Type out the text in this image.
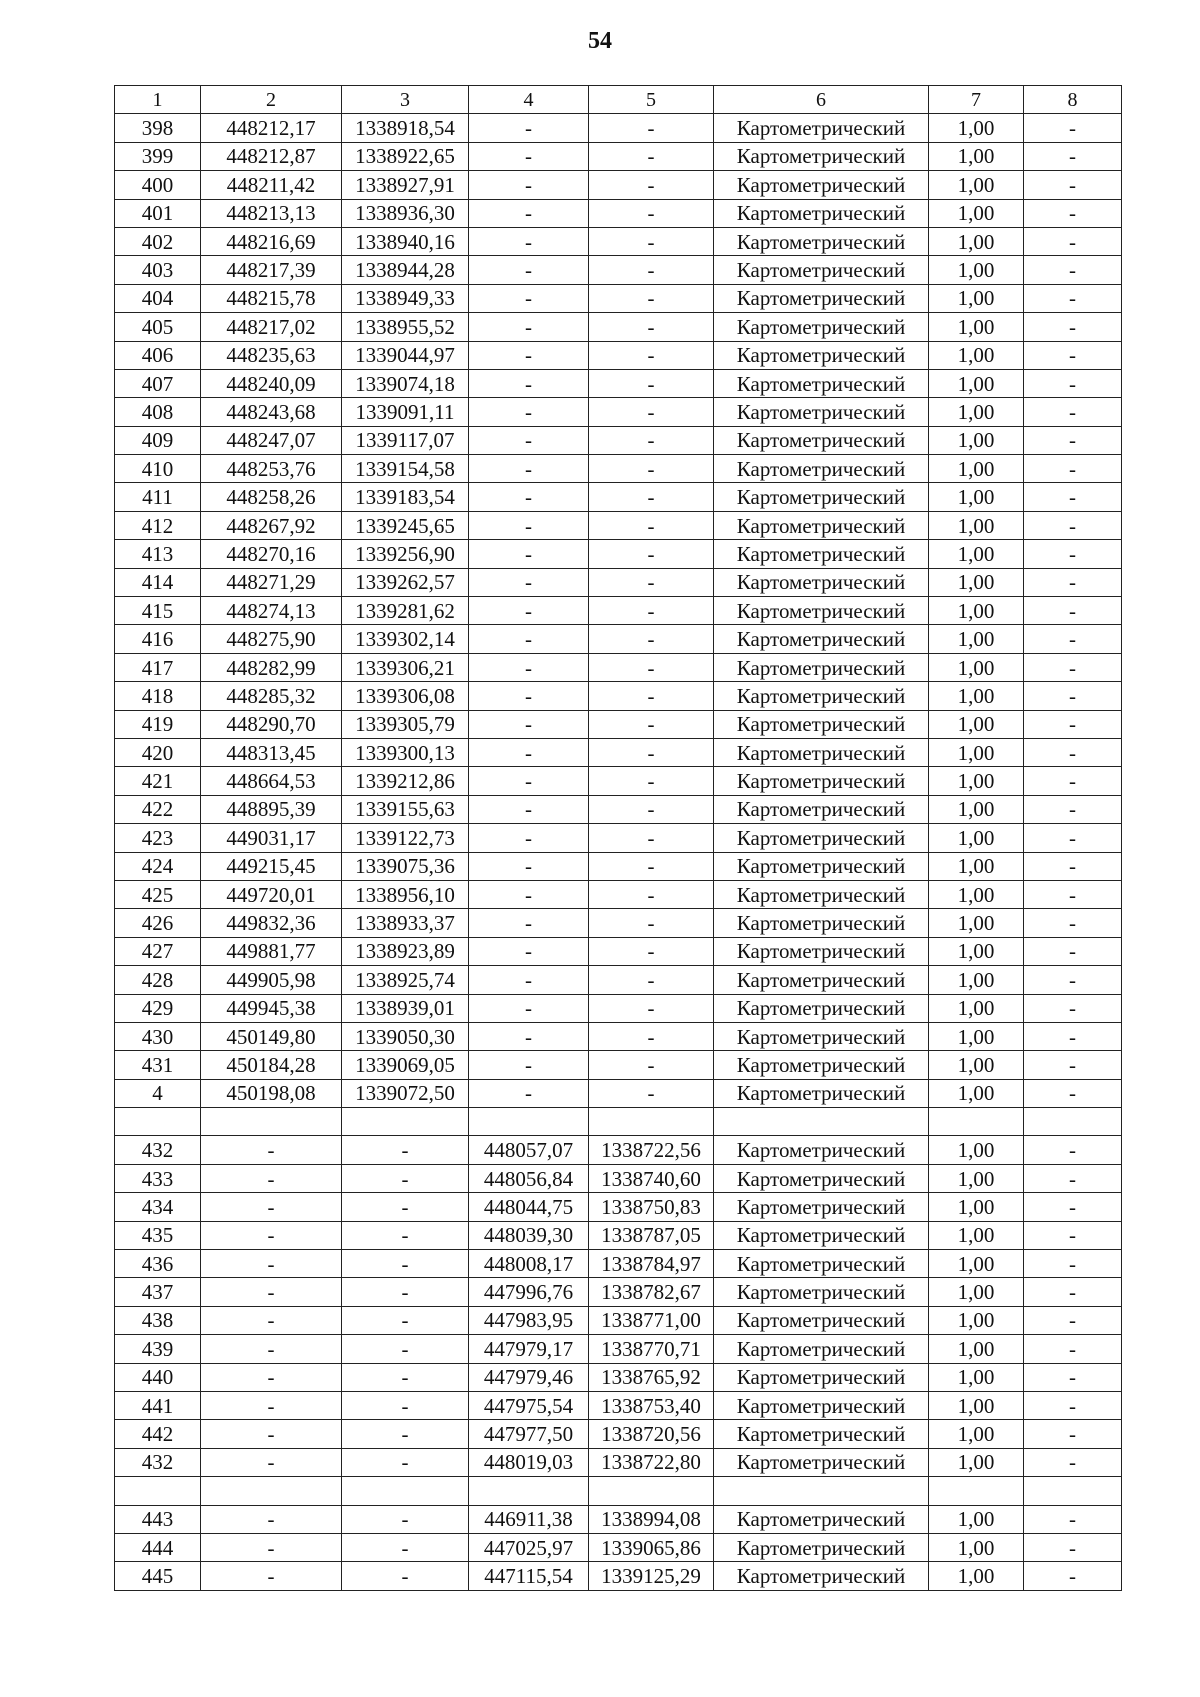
54
1	2	3	4	5	6	7	8
398	448212,17	1338918,54	-	-	Картометрический	1,00	-
399	448212,87	1338922,65	-	-	Картометрический	1,00	-
400	448211,42	1338927,91	-	-	Картометрический	1,00	-
401	448213,13	1338936,30	-	-	Картометрический	1,00	-
402	448216,69	1338940,16	-	-	Картометрический	1,00	-
403	448217,39	1338944,28	-	-	Картометрический	1,00	-
404	448215,78	1338949,33	-	-	Картометрический	1,00	-
405	448217,02	1338955,52	-	-	Картометрический	1,00	-
406	448235,63	1339044,97	-	-	Картометрический	1,00	-
407	448240,09	1339074,18	-	-	Картометрический	1,00	-
408	448243,68	1339091,11	-	-	Картометрический	1,00	-
409	448247,07	1339117,07	-	-	Картометрический	1,00	-
410	448253,76	1339154,58	-	-	Картометрический	1,00	-
411	448258,26	1339183,54	-	-	Картометрический	1,00	-
412	448267,92	1339245,65	-	-	Картометрический	1,00	-
413	448270,16	1339256,90	-	-	Картометрический	1,00	-
414	448271,29	1339262,57	-	-	Картометрический	1,00	-
415	448274,13	1339281,62	-	-	Картометрический	1,00	-
416	448275,90	1339302,14	-	-	Картометрический	1,00	-
417	448282,99	1339306,21	-	-	Картометрический	1,00	-
418	448285,32	1339306,08	-	-	Картометрический	1,00	-
419	448290,70	1339305,79	-	-	Картометрический	1,00	-
420	448313,45	1339300,13	-	-	Картометрический	1,00	-
421	448664,53	1339212,86	-	-	Картометрический	1,00	-
422	448895,39	1339155,63	-	-	Картометрический	1,00	-
423	449031,17	1339122,73	-	-	Картометрический	1,00	-
424	449215,45	1339075,36	-	-	Картометрический	1,00	-
425	449720,01	1338956,10	-	-	Картометрический	1,00	-
426	449832,36	1338933,37	-	-	Картометрический	1,00	-
427	449881,77	1338923,89	-	-	Картометрический	1,00	-
428	449905,98	1338925,74	-	-	Картометрический	1,00	-
429	449945,38	1338939,01	-	-	Картометрический	1,00	-
430	450149,80	1339050,30	-	-	Картометрический	1,00	-
431	450184,28	1339069,05	-	-	Картометрический	1,00	-
4	450198,08	1339072,50	-	-	Картометрический	1,00	-

432	-	-	448057,07	1338722,56	Картометрический	1,00	-
433	-	-	448056,84	1338740,60	Картометрический	1,00	-
434	-	-	448044,75	1338750,83	Картометрический	1,00	-
435	-	-	448039,30	1338787,05	Картометрический	1,00	-
436	-	-	448008,17	1338784,97	Картометрический	1,00	-
437	-	-	447996,76	1338782,67	Картометрический	1,00	-
438	-	-	447983,95	1338771,00	Картометрический	1,00	-
439	-	-	447979,17	1338770,71	Картометрический	1,00	-
440	-	-	447979,46	1338765,92	Картометрический	1,00	-
441	-	-	447975,54	1338753,40	Картометрический	1,00	-
442	-	-	447977,50	1338720,56	Картометрический	1,00	-
432	-	-	448019,03	1338722,80	Картометрический	1,00	-

443	-	-	446911,38	1338994,08	Картометрический	1,00	-
444	-	-	447025,97	1339065,86	Картометрический	1,00	-
445	-	-	447115,54	1339125,29	Картометрический	1,00	-
